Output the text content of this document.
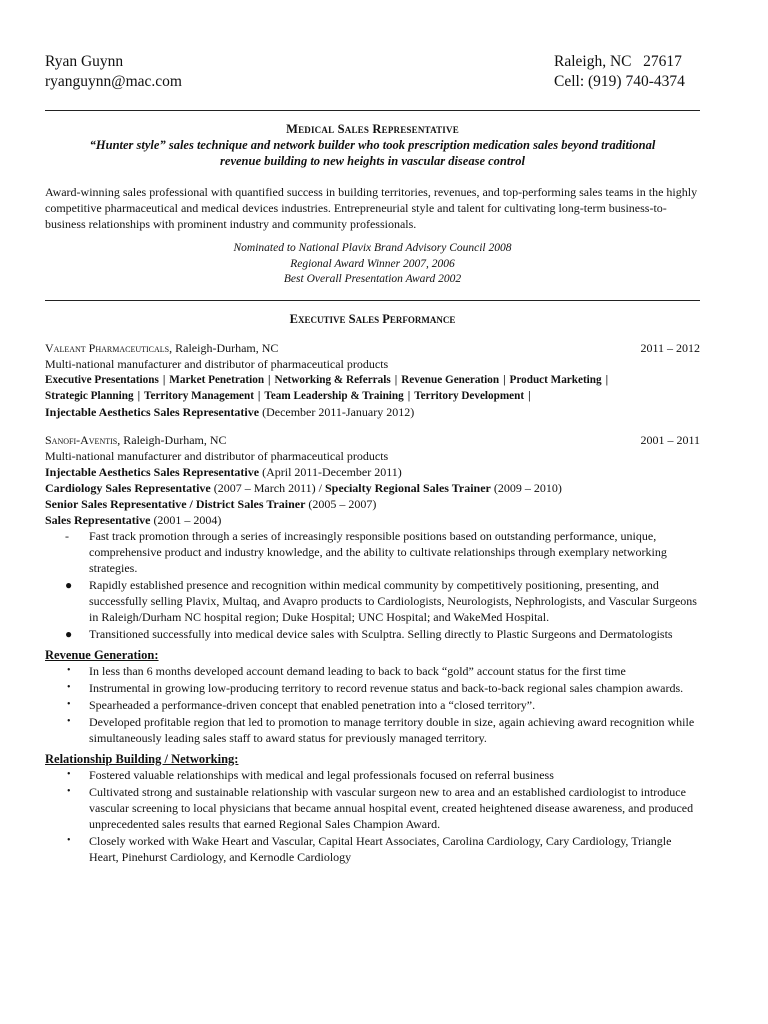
Ryan Guynn	Raleigh, NC   27617
ryanguynn@mac.com	Cell: (919) 740-4374
Medical Sales Representative
“Hunter style” sales technique and network builder who took prescription medication sales beyond traditional revenue building to new heights in vascular disease control
Award-winning sales professional with quantified success in building territories, revenues, and top-performing sales teams in the highly competitive pharmaceutical and medical devices industries. Entrepreneurial style and talent for cultivating long-term business-to-business relationships with prominent industry and community professionals.
Nominated to National Plavix Brand Advisory Council 2008
Regional Award Winner 2007, 2006
Best Overall Presentation Award 2002
Executive Sales Performance
Valeant Pharmaceuticals, Raleigh-Durham, NC	2011 – 2012
Multi-national manufacturer and distributor of pharmaceutical products
Executive Presentations | Market Penetration | Networking & Referrals | Revenue Generation | Product Marketing |
Strategic Planning | Territory Management | Team Leadership & Training | Territory Development |
Injectable Aesthetics Sales Representative (December 2011-January 2012)
Sanofi-Aventis, Raleigh-Durham, NC	2001 – 2011
Multi-national manufacturer and distributor of pharmaceutical products
Injectable Aesthetics Sales Representative (April 2011-December 2011)
Cardiology Sales Representative (2007 – March 2011) / Specialty Regional Sales Trainer (2009 – 2010)
Senior Sales Representative / District Sales Trainer (2005 – 2007)
Sales Representative (2001 – 2004)
- Fast track promotion through a series of increasingly responsible positions based on outstanding performance, unique, comprehensive product and industry knowledge, and the ability to cultivate relationships through exemplary networking strategies.
● Rapidly established presence and recognition within medical community by competitively positioning, presenting, and successfully selling Plavix, Multaq, and Avapro products to Cardiologists, Neurologists, Nephrologists, and Vascular Surgeons in Raleigh/Durham NC hospital region; Duke Hospital; UNC Hospital; and WakeMed Hospital.
● Transitioned successfully into medical device sales with Sculptra. Selling directly to Plastic Surgeons and Dermatologists
Revenue Generation:
• In less than 6 months developed account demand leading to back to back “gold” account status for the first time
• Instrumental in growing low-producing territory to record revenue status and back-to-back regional sales champion awards.
• Spearheaded a performance-driven concept that enabled penetration into a “closed territory”.
• Developed profitable region that led to promotion to manage territory double in size, again achieving award recognition while simultaneously leading sales staff to award status for previously managed territory.
Relationship Building / Networking:
• Fostered valuable relationships with medical and legal professionals focused on referral business
• Cultivated strong and sustainable relationship with vascular surgeon new to area and an established cardiologist to introduce vascular screening to local physicians that became annual hospital event, created heightened disease awareness, and produced unprecedented sales results that earned Regional Sales Champion Award.
• Closely worked with Wake Heart and Vascular, Capital Heart Associates, Carolina Cardiology, Cary Cardiology, Triangle Heart, Pinehurst Cardiology, and Kernodle Cardiology
